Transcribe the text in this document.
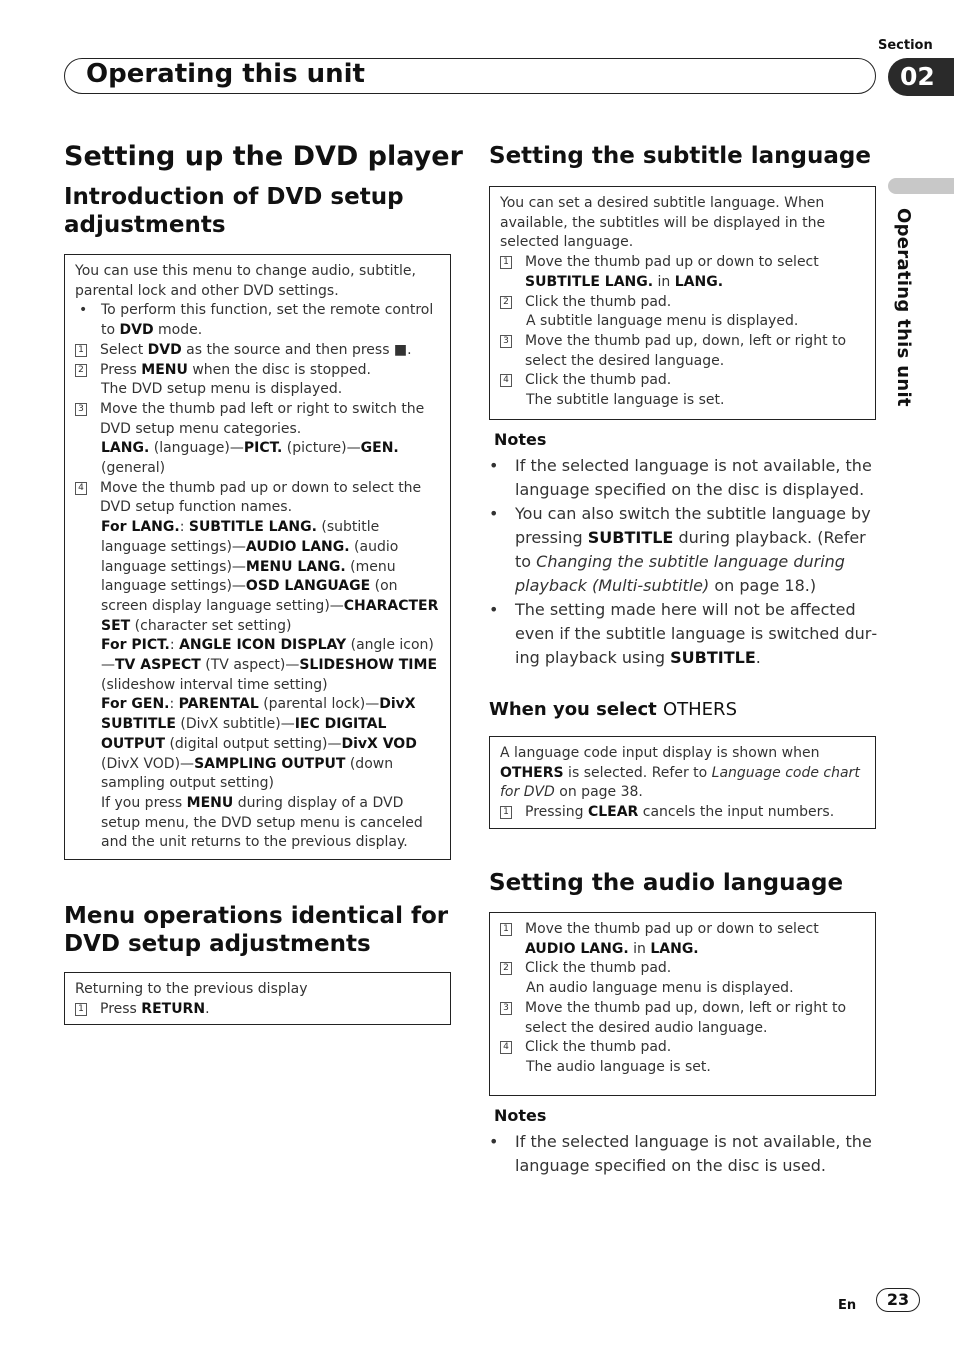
Section
Operating this unit	02
Operating this unit
Setting up the DVD player
Introduction of DVD setup adjustments
You can use this menu to change audio, subtitle, parental lock and other DVD settings.
• To perform this function, set the remote control to DVD mode.
1 Select DVD as the source and then press ■.
2 Press MENU when the disc is stopped.
The DVD setup menu is displayed.
3 Move the thumb pad left or right to switch the DVD setup menu categories.
LANG. (language)—PICT. (picture)—GEN. (general)
4 Move the thumb pad up or down to select the DVD setup function names.
For LANG.: SUBTITLE LANG. (subtitle language settings)—AUDIO LANG. (audio language settings)—MENU LANG. (menu language settings)—OSD LANGUAGE (on screen display language setting)—CHARACTER SET (character set setting)
For PICT.: ANGLE ICON DISPLAY (angle icon)—TV ASPECT (TV aspect)—SLIDESHOW TIME (slideshow interval time setting)
For GEN.: PARENTAL (parental lock)—DivX SUBTITLE (DivX subtitle)—IEC DIGITAL OUTPUT (digital output setting)—DivX VOD (DivX VOD)—SAMPLING OUTPUT (down sampling output setting)
If you press MENU during display of a DVD setup menu, the DVD setup menu is canceled and the unit returns to the previous display.
Menu operations identical for DVD setup adjustments
Returning to the previous display
1 Press RETURN.
Setting the subtitle language
You can set a desired subtitle language. When available, the subtitles will be displayed in the selected language.
1 Move the thumb pad up or down to select SUBTITLE LANG. in LANG.
2 Click the thumb pad.
A subtitle language menu is displayed.
3 Move the thumb pad up, down, left or right to select the desired language.
4 Click the thumb pad.
The subtitle language is set.
Notes
•	If the selected language is not available, the language specified on the disc is displayed.
•	You can also switch the subtitle language by pressing SUBTITLE during playback. (Refer to Changing the subtitle language during playback (Multi-subtitle) on page 18.)
•	The setting made here will not be affected even if the subtitle language is switched during playback using SUBTITLE.
When you select OTHERS
A language code input display is shown when OTHERS is selected. Refer to Language code chart for DVD on page 38.
1 Pressing CLEAR cancels the input numbers.
Setting the audio language
1 Move the thumb pad up or down to select AUDIO LANG. in LANG.
2 Click the thumb pad.
An audio language menu is displayed.
3 Move the thumb pad up, down, left or right to select the desired audio language.
4 Click the thumb pad.
The audio language is set.
Notes
•	If the selected language is not available, the language specified on the disc is used.
En	23
